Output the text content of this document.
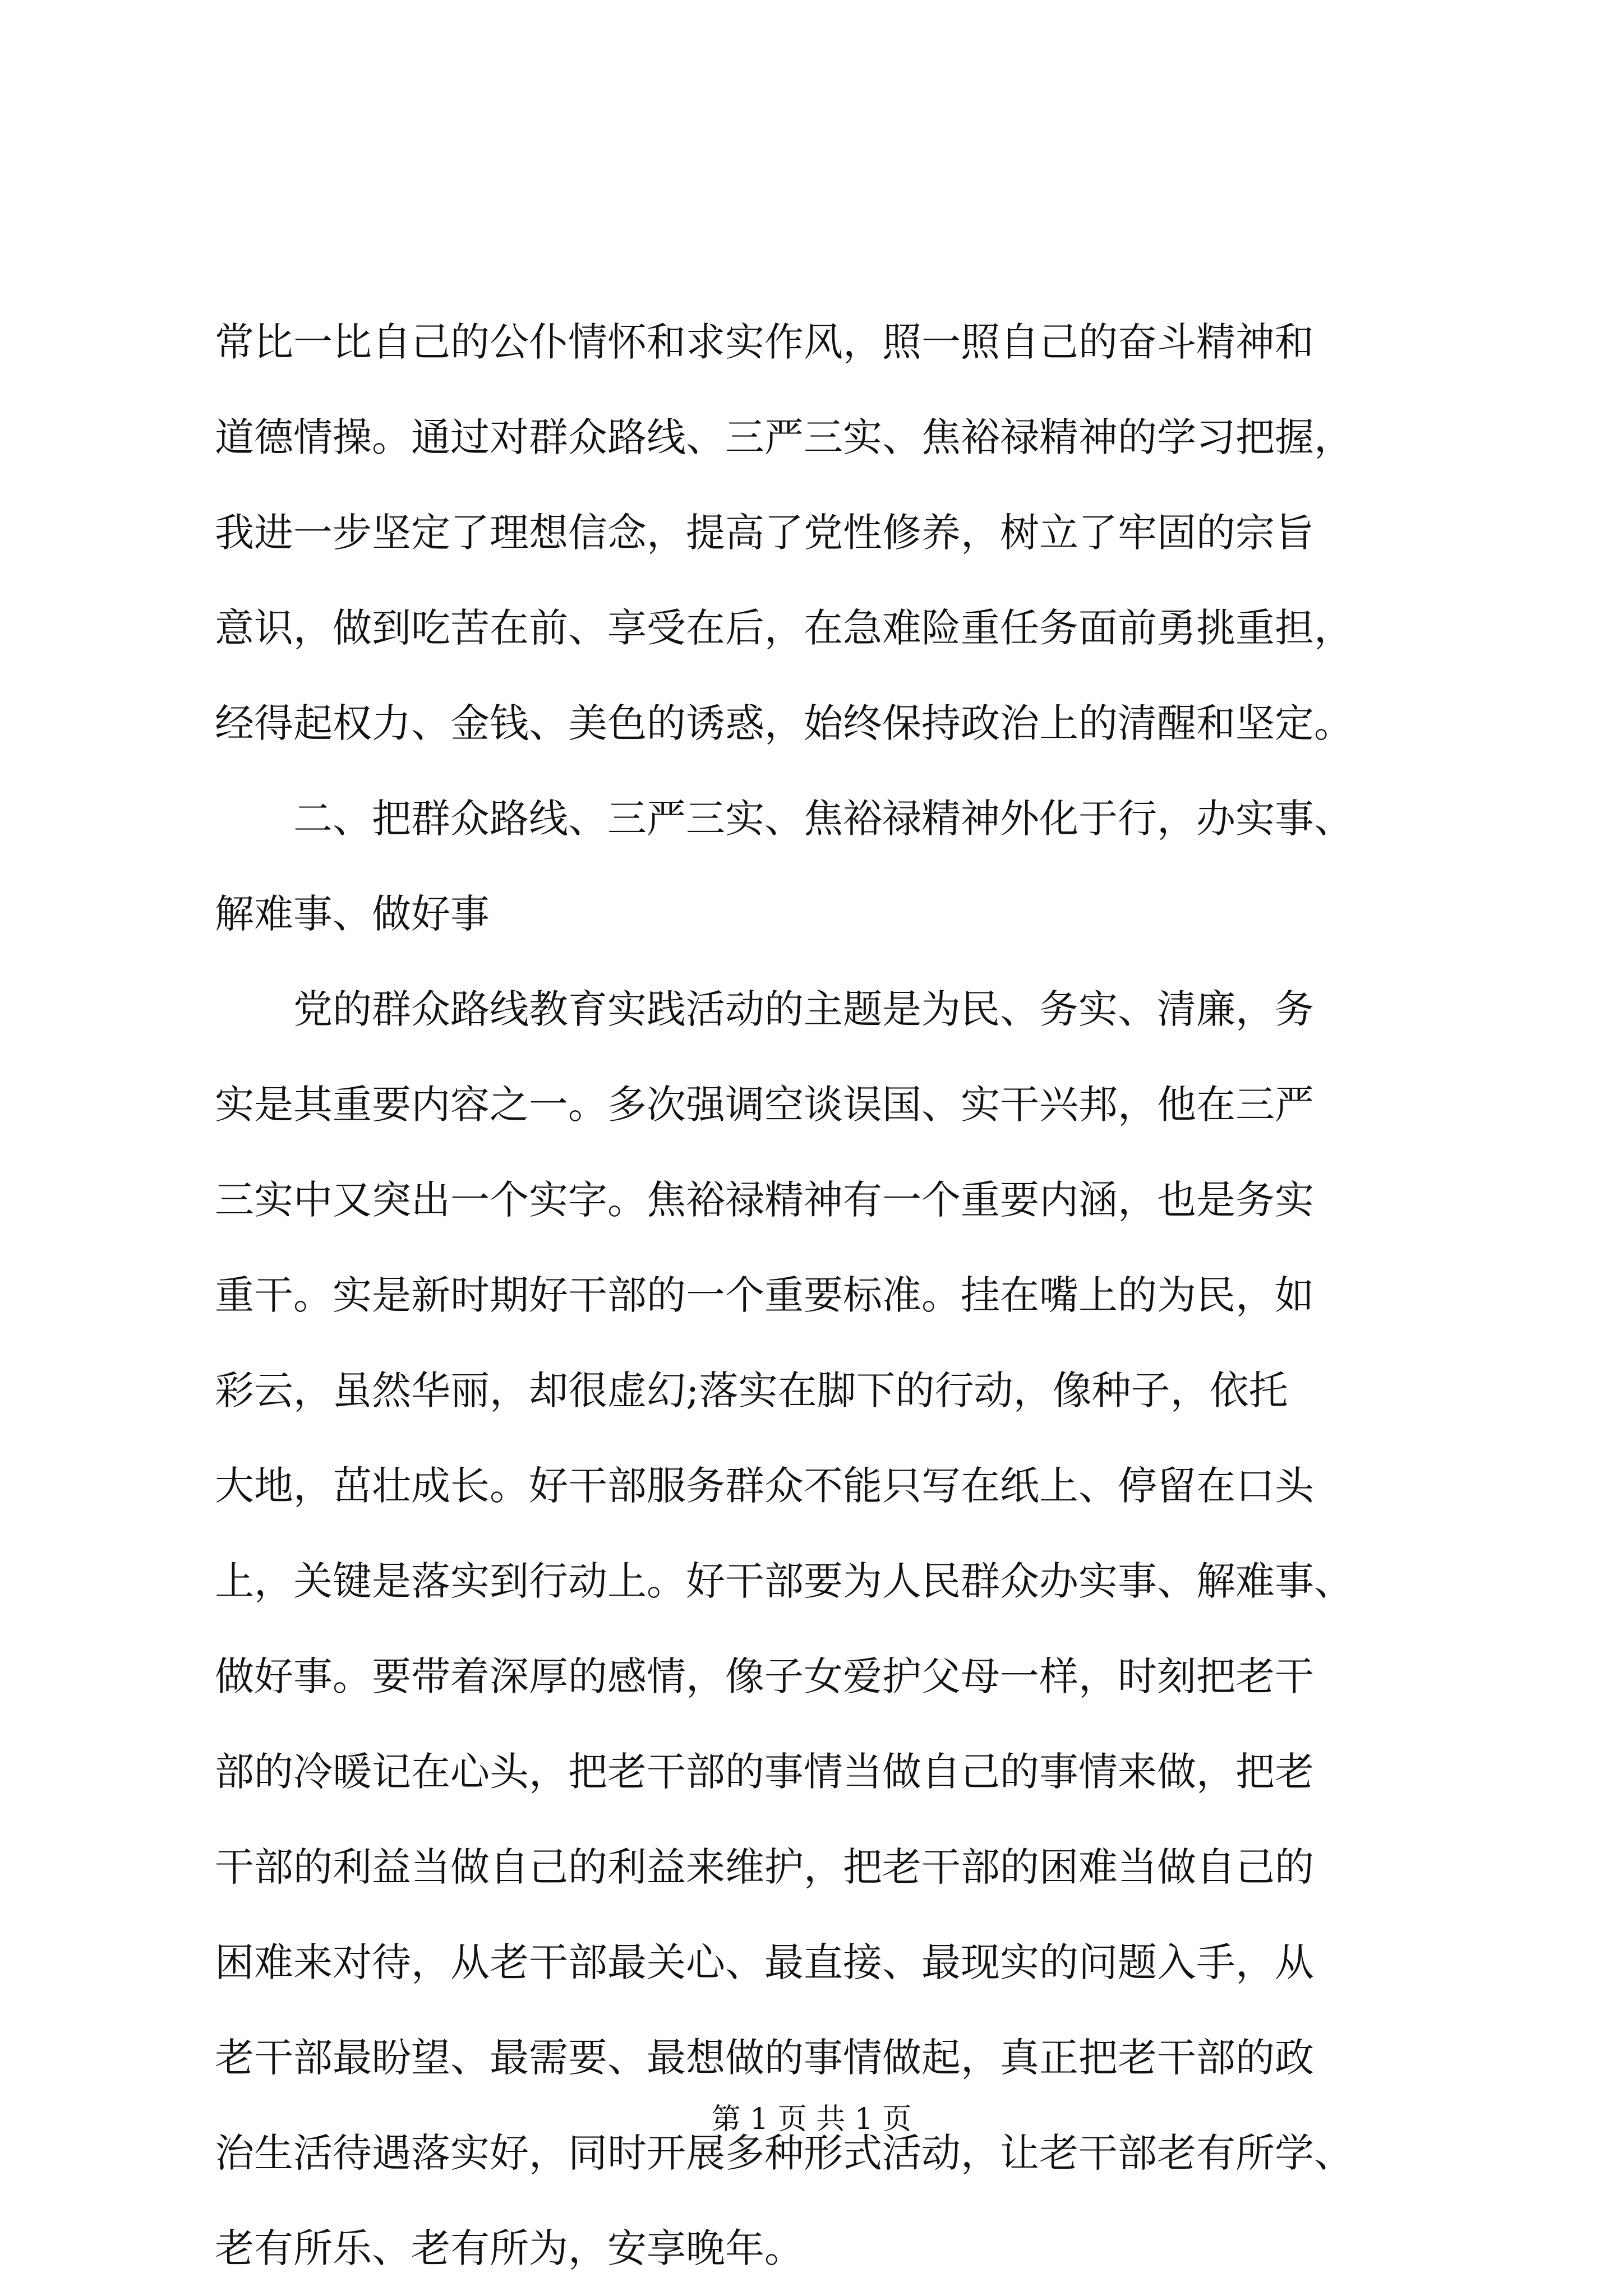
常比一比自己的公仆情怀和求实作风，照一照自己的奋斗精神和
道德情操。通过对群众路线、三严三实、焦裕禄精神的学习把握，
我进一步坚定了理想信念，提高了党性修养，树立了牢固的宗旨
意识，做到吃苦在前、享受在后，在急难险重任务面前勇挑重担，
经得起权力、金钱、美色的诱惑，始终保持政治上的清醒和坚定。
二、把群众路线、三严三实、焦裕禄精神外化于行，办实事、
解难事、做好事
党的群众路线教育实践活动的主题是为民、务实、清廉，务
实是其重要内容之一。多次强调空谈误国、实干兴邦，他在三严
三实中又突出一个实字。焦裕禄精神有一个重要内涵，也是务实
重干。实是新时期好干部的一个重要标准。挂在嘴上的为民，如
彩云，虽然华丽，却很虚幻;落实在脚下的行动，像种子，依托
大地，茁壮成长。好干部服务群众不能只写在纸上、停留在口头
上，关键是落实到行动上。好干部要为人民群众办实事、解难事、
做好事。要带着深厚的感情，像子女爱护父母一样，时刻把老干
部的冷暖记在心头，把老干部的事情当做自己的事情来做，把老
干部的利益当做自己的利益来维护，把老干部的困难当做自己的
困难来对待，从老干部最关心、最直接、最现实的问题入手，从
老干部最盼望、最需要、最想做的事情做起，真正把老干部的政
治生活待遇落实好，同时开展多种形式活动，让老干部老有所学、
老有所乐、老有所为，安享晚年。
第 1 页 共 1 页
